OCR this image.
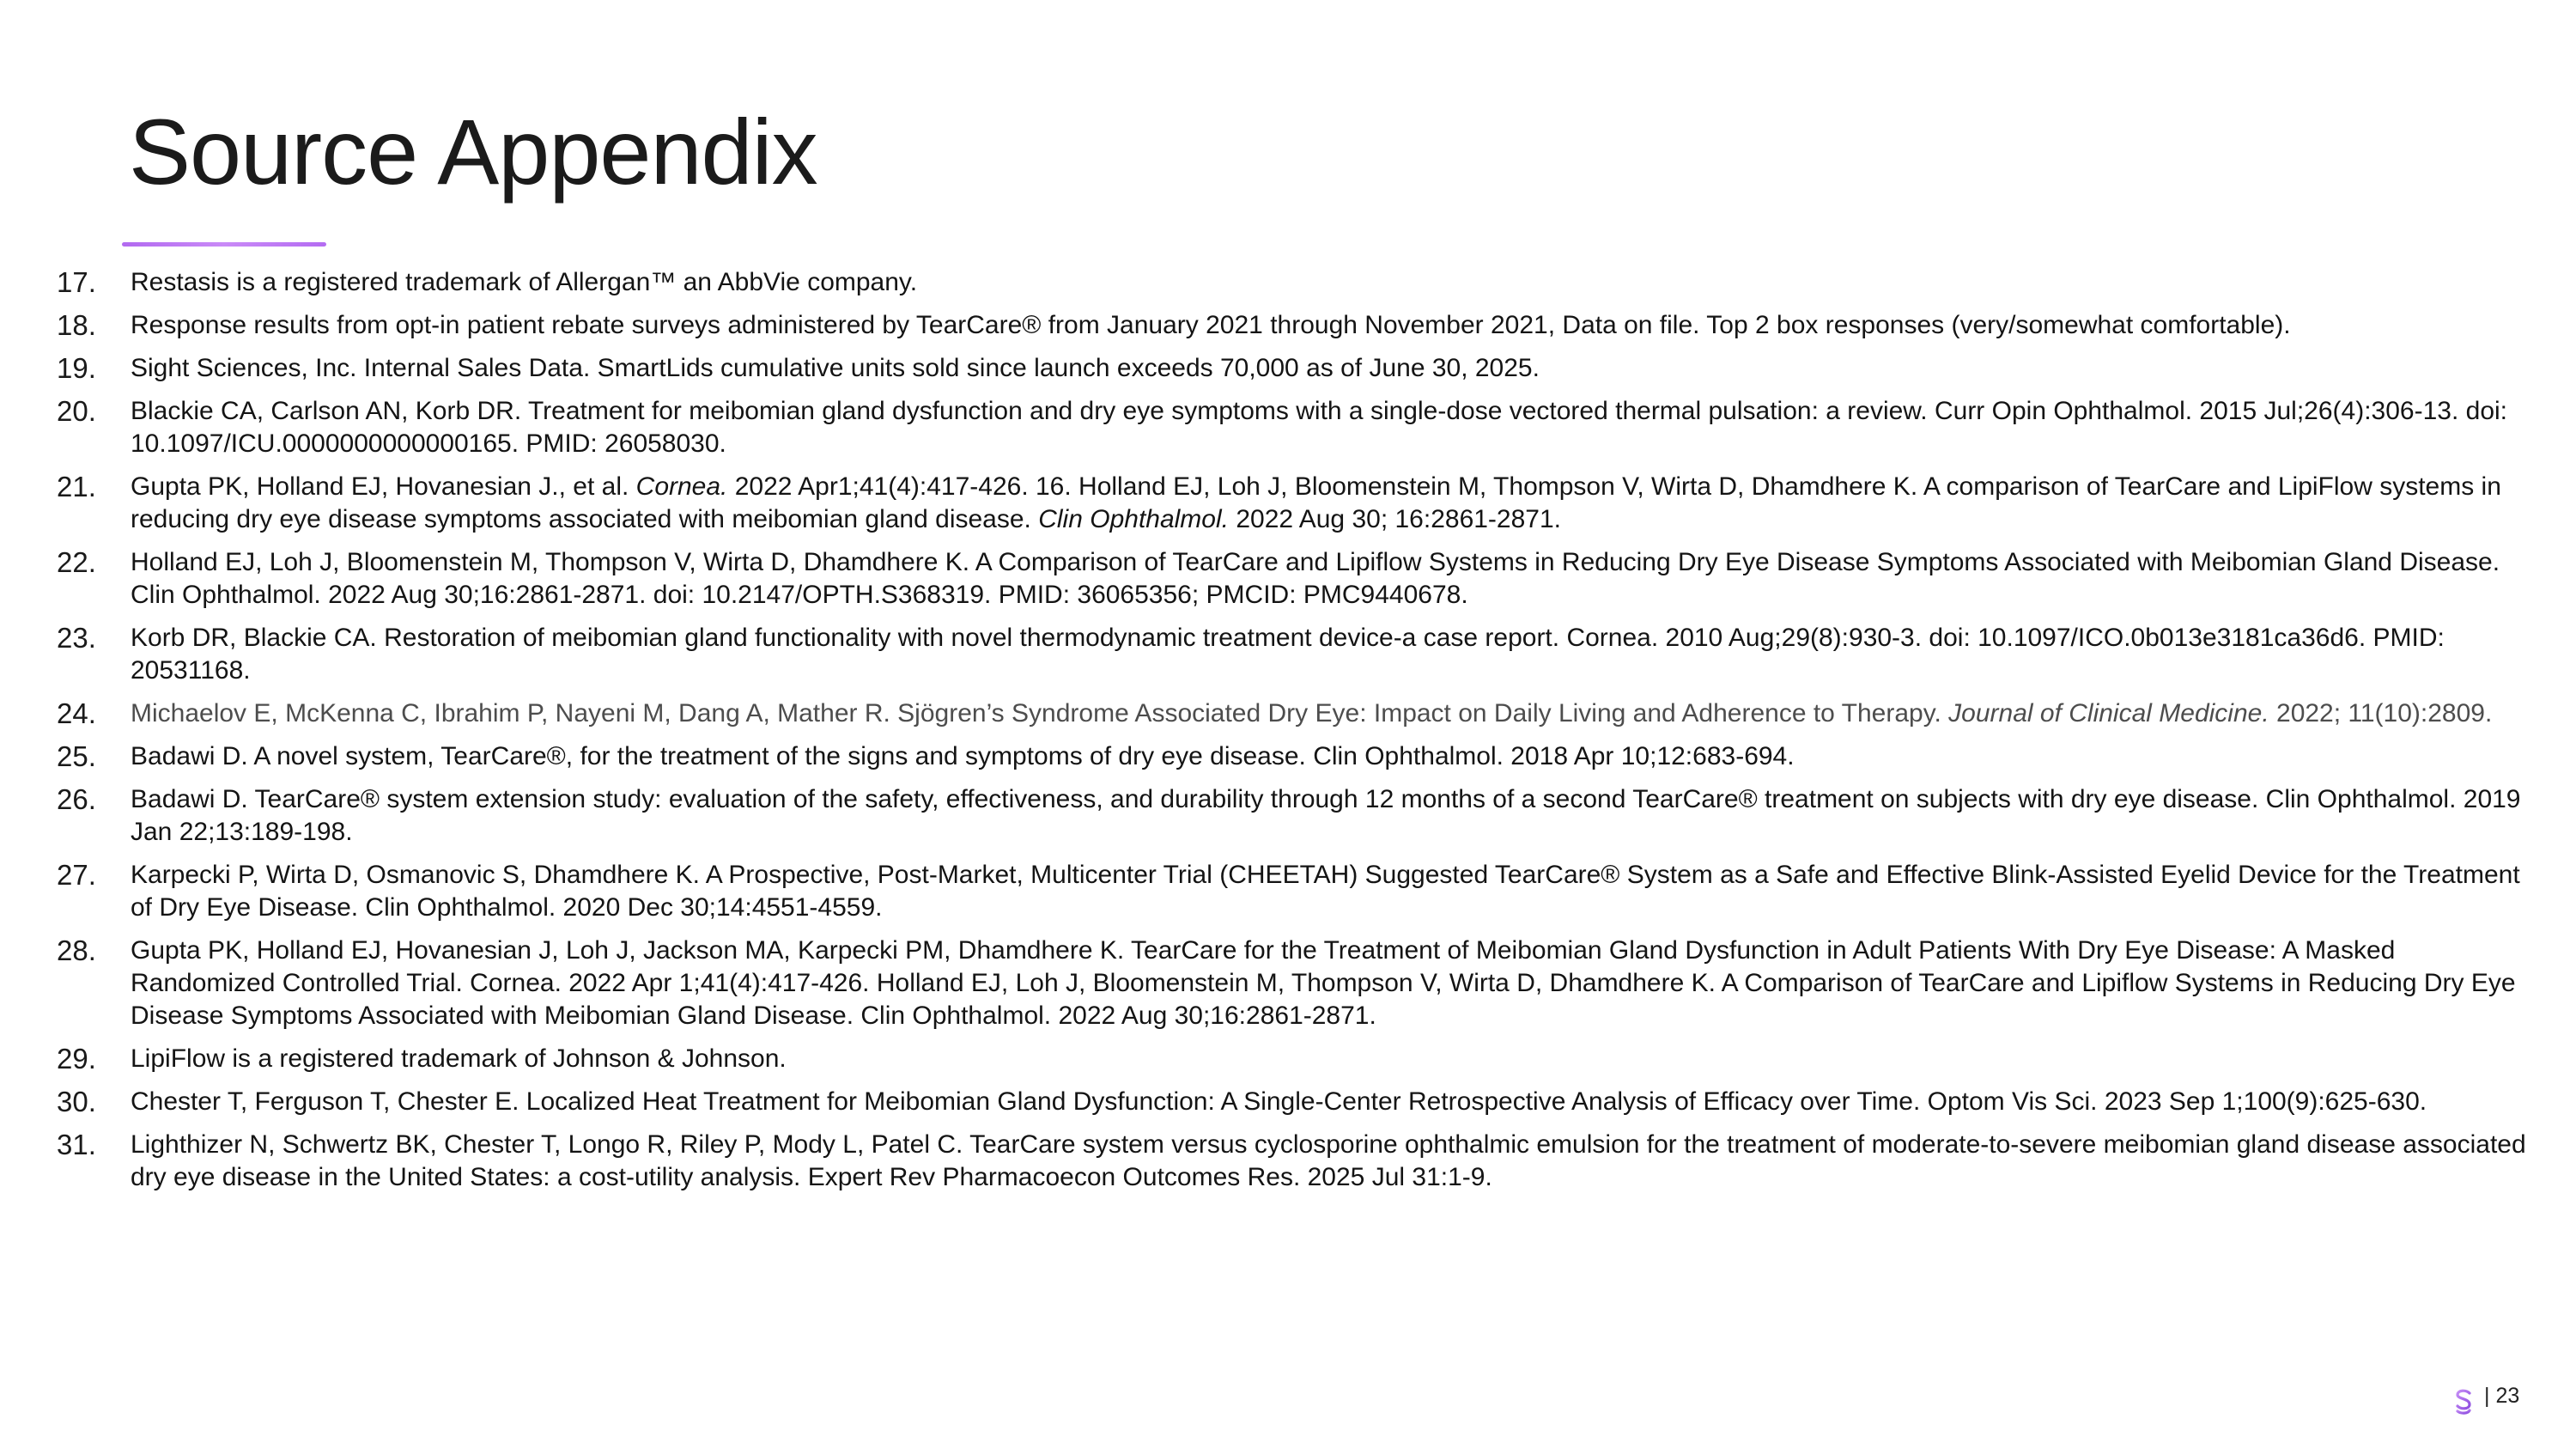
Source Appendix
17. Restasis is a registered trademark of Allergan™ an AbbVie company.
18. Response results from opt-in patient rebate surveys administered by TearCare® from January 2021 through November 2021, Data on file. Top 2 box responses (very/somewhat comfortable).
19. Sight Sciences, Inc. Internal Sales Data. SmartLids cumulative units sold since launch exceeds 70,000 as of June 30, 2025.
20. Blackie CA, Carlson AN, Korb DR. Treatment for meibomian gland dysfunction and dry eye symptoms with a single-dose vectored thermal pulsation: a review. Curr Opin Ophthalmol. 2015 Jul;26(4):306-13. doi: 10.1097/ICU.0000000000000165. PMID: 26058030.
21. Gupta PK, Holland EJ, Hovanesian J., et al. Cornea. 2022 Apr1;41(4):417-426. 16. Holland EJ, Loh J, Bloomenstein M, Thompson V, Wirta D, Dhamdhere K. A comparison of TearCare and LipiFlow systems in reducing dry eye disease symptoms associated with meibomian gland disease. Clin Ophthalmol. 2022 Aug 30; 16:2861-2871.
22. Holland EJ, Loh J, Bloomenstein M, Thompson V, Wirta D, Dhamdhere K. A Comparison of TearCare and Lipiflow Systems in Reducing Dry Eye Disease Symptoms Associated with Meibomian Gland Disease. Clin Ophthalmol. 2022 Aug 30;16:2861-2871. doi: 10.2147/OPTH.S368319. PMID: 36065356; PMCID: PMC9440678.
23. Korb DR, Blackie CA. Restoration of meibomian gland functionality with novel thermodynamic treatment device-a case report. Cornea. 2010 Aug;29(8):930-3. doi: 10.1097/ICO.0b013e3181ca36d6. PMID: 20531168.
24. Michaelov E, McKenna C, Ibrahim P, Nayeni M, Dang A, Mather R. Sjögren’s Syndrome Associated Dry Eye: Impact on Daily Living and Adherence to Therapy. Journal of Clinical Medicine. 2022; 11(10):2809.
25. Badawi D. A novel system, TearCare®, for the treatment of the signs and symptoms of dry eye disease. Clin Ophthalmol. 2018 Apr 10;12:683-694.
26. Badawi D. TearCare® system extension study: evaluation of the safety, effectiveness, and durability through 12 months of a second TearCare® treatment on subjects with dry eye disease. Clin Ophthalmol. 2019 Jan 22;13:189-198.
27. Karpecki P, Wirta D, Osmanovic S, Dhamdhere K. A Prospective, Post-Market, Multicenter Trial (CHEETAH) Suggested TearCare® System as a Safe and Effective Blink-Assisted Eyelid Device for the Treatment of Dry Eye Disease. Clin Ophthalmol. 2020 Dec 30;14:4551-4559.
28. Gupta PK, Holland EJ, Hovanesian J, Loh J, Jackson MA, Karpecki PM, Dhamdhere K. TearCare for the Treatment of Meibomian Gland Dysfunction in Adult Patients With Dry Eye Disease: A Masked Randomized Controlled Trial. Cornea. 2022 Apr 1;41(4):417-426. Holland EJ, Loh J, Bloomenstein M, Thompson V, Wirta D, Dhamdhere K. A Comparison of TearCare and Lipiflow Systems in Reducing Dry Eye Disease Symptoms Associated with Meibomian Gland Disease. Clin Ophthalmol. 2022 Aug 30;16:2861-2871.
29. LipiFlow is a registered trademark of Johnson & Johnson.
30. Chester T, Ferguson T, Chester E. Localized Heat Treatment for Meibomian Gland Dysfunction: A Single-Center Retrospective Analysis of Efficacy over Time. Optom Vis Sci. 2023 Sep 1;100(9):625-630.
31. Lighthizer N, Schwertz BK, Chester T, Longo R, Riley P, Mody L, Patel C. TearCare system versus cyclosporine ophthalmic emulsion for the treatment of moderate-to-severe meibomian gland disease associated dry eye disease in the United States: a cost-utility analysis. Expert Rev Pharmacoecon Outcomes Res. 2025 Jul 31:1-9.
| 23
